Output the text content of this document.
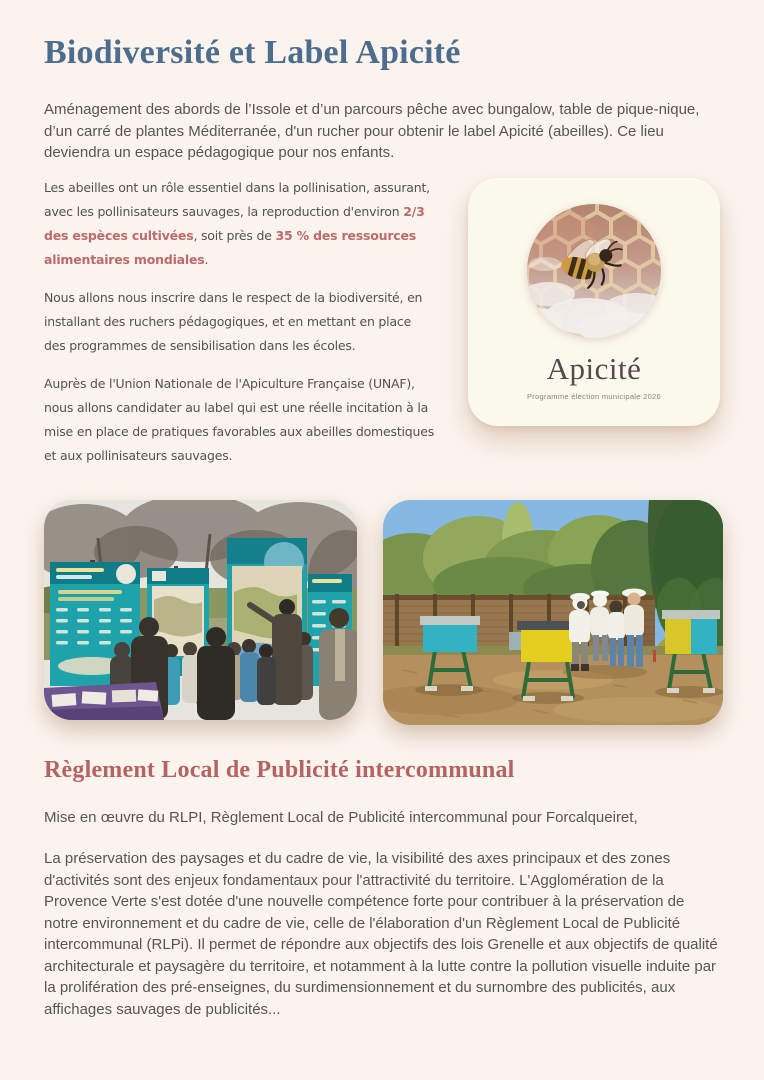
Biodiversité et Label Apicité

Aménagement des abords de l’Issole et d’un parcours pêche avec bungalow, table de pique-nique, d’un carré de plantes Méditerranée, d'un rucher pour obtenir le label Apicité (abeilles). Ce lieu deviendra un espace pédagogique pour nos enfants.

Apicité
Programme élection municipale 2026

Les abeilles ont un rôle essentiel dans la pollinisation, assurant, avec les pollinisateurs sauvages, la reproduction d'environ 2/3 des espèces cultivées, soit près de 35 % des ressources alimentaires mondiales.

Nous allons nous inscrire dans le respect de la biodiversité, en installant des ruchers pédagogiques, et en mettant en place des programmes de sensibilisation dans les écoles.

Auprès de l'Union Nationale de l'Apiculture Française (UNAF), nous allons candidater au label qui est une réelle incitation à la mise en place de pratiques favorables aux abeilles domestiques et aux pollinisateurs sauvages.

Règlement Local de Publicité intercommunal

Mise en œuvre du RLPI, Règlement Local de Publicité intercommunal pour Forcalqueiret,

La préservation des paysages et du cadre de vie, la visibilité des axes principaux et des zones d'activités sont des enjeux fondamentaux pour l'attractivité du territoire. L'Agglomération de la Provence Verte s'est dotée d'une nouvelle compétence forte pour contribuer à la préservation de notre environnement et du cadre de vie, celle de l'élaboration d'un Règlement Local de Publicité intercommunal (RLPi). Il permet de répondre aux objectifs des lois Grenelle et aux objectifs de qualité architecturale et paysagère du territoire, et notamment à la lutte contre la pollution visuelle induite par la prolifération des pré-enseignes, du surdimensionnement et du surnombre des publicités, aux affichages sauvages de publicités...
